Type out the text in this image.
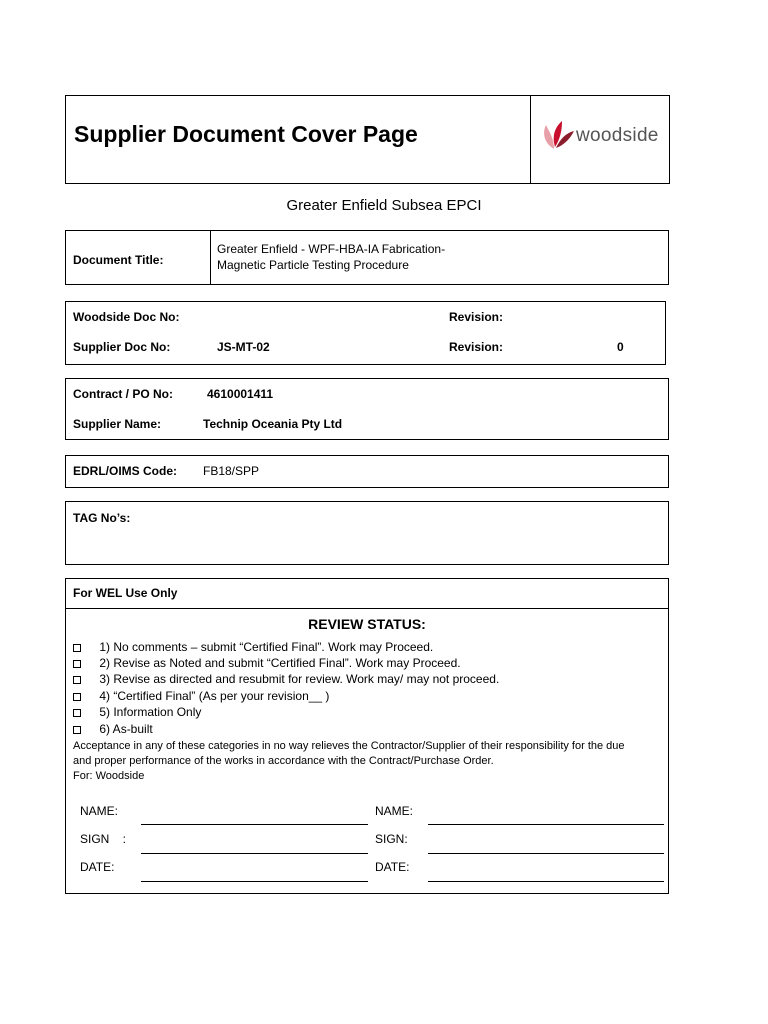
Supplier Document Cover Page	woodside
Greater Enfield Subsea EPCI
Document Title:
Greater Enfield - WPF-HBA-IA Fabrication-
Magnetic Particle Testing Procedure
Woodside Doc No:	Revision:
Supplier Doc No:	JS-MT-02	Revision:	0
Contract / PO No:	4610001411
Supplier Name:	Technip Oceania Pty Ltd
EDRL/OIMS Code: FB18/SPP
TAG No’s:
For WEL Use Only
REVIEW STATUS:
1) No comments – submit “Certified Final”. Work may Proceed.
2) Revise as Noted and submit “Certified Final”. Work may Proceed.
3) Revise as directed and resubmit for review. Work may/ may not proceed.
4) “Certified Final” (As per your revision__ )
5) Information Only
6) As-built
Acceptance in any of these categories in no way relieves the Contractor/Supplier of their responsibility for the due
and proper performance of the works in accordance with the Contract/Purchase Order.
For: Woodside
NAME:	NAME:
SIGN    :	SIGN:
DATE:	DATE:
